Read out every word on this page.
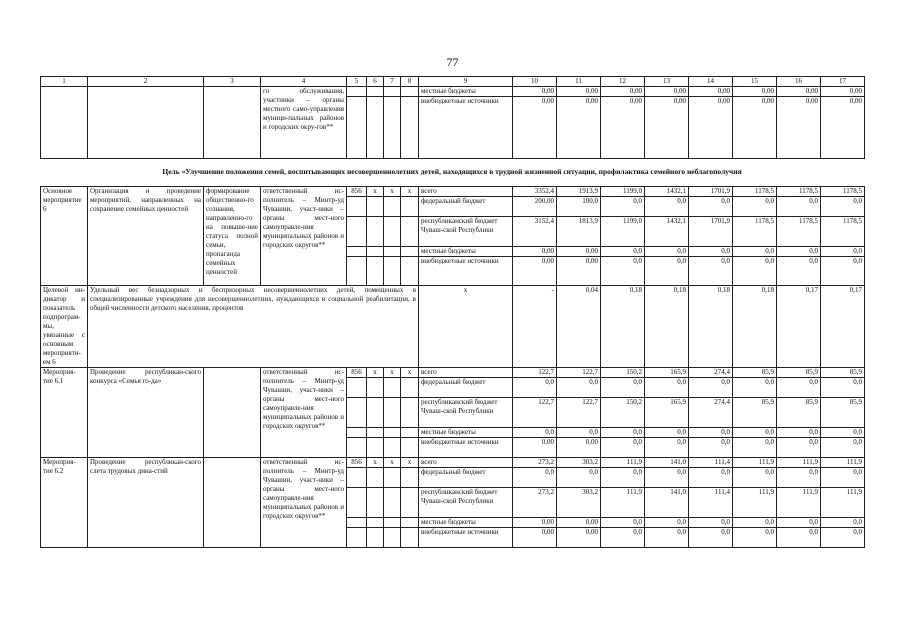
77
1	2	3	4	5	6	7	8	9	10	11	12	13	14	15	16	17
			го обслуживания, участники – органы местного само-управления муници-пальных районов и городских окру-гов**					местные бюджеты	0,00	0,00	0,00	0,00	0,00	0,00	0,00	0,00
								внебюджетные источники	0,00	0,00	0,00	0,00	0,00	0,00	0,00	0,00
Цель «Улучшение положения семей, воспитывающих несовершеннолетних детей, находящихся в трудной жизненной ситуации, профилактика семейного неблагополучия
Основное мероприятие 6	Организация и проведение мероприятий, направленных на сохранение семейных ценностей	формирование общественно-го сознания, направленно-го на повыше-ние статуса полной семьи, пропаганда семейных ценностей	ответственный ис-полнитель – Минтр-уд Чувашии, участ-ники – органы мест-ного самоуправле-ния муниципальных районов и городских округов**	856	x	x	x	всего	3352,4	1913,9	1199,0	1432,1	1701,9	1178,5	1178,5	1178,5
								федеральный бюджет	200,00	100,0	0,0	0,0	0,0	0,0	0,0	0,0
								республиканский бюджет Чуваш-ской Республики	3152,4	1813,9	1199,0	1432,1	1701,9	1178,5	1178,5	1178,5
								местные бюджеты	0,00	0,00	0,0	0,0	0,0	0,0	0,0	0,0
								внебюджетные источники	0,00	0,00	0,0	0,0	0,0	0,0	0,0	0,0
Целевой ин-дикатор и показатель подпрограм-мы, увязанные с основным мероприяти-ем 6	Удельный вес безнадзорных и беспризорных несовершеннолетних детей, помещенных в специализированные учреждения для несовершеннолетних, нуждающихся в социальной реабилитации, в общей численности детского населения, процентов							x	-	0,04	0,18	0,18	0,18	0,18	0,17	0,17
Мероприя-тие 6.1	Проведение республикан-ского конкурса «Семья го-да»		ответственный ис-полнитель – Минтр-уд Чувашии, участ-ники – органы мест-ного самоуправле-ния муниципальных районов и городских округов**	856	x	x	x	всего	122,7	122,7	150,2	165,9	274,4	85,9	85,9	85,9
								федеральный бюджет	0,0	0,0	0,0	0,0	0,0	0,0	0,0	0,0
								республиканский бюджет Чуваш-ской Республики	122,7	122,7	150,2	165,9	274,4	85,9	85,9	85,9
								местные бюджеты	0,0	0,0	0,0	0,0	0,0	0,0	0,0	0,0
								внебюджетные источники	0,00	0,00	0,0	0,0	0,0	0,0	0,0	0,0
Мероприя-тие 6.2	Проведение республикан-ского слета трудовых дина-стий		ответственный ис-полнитель – Минтр-уд Чувашии, участ-ники – органы мест-ного самоуправле-ния муниципальных районов и городских округов**	856	x	x	x	всего	273,2	303,2	111,9	141,0	111,4	111,9	111,9	111,9
								федеральный бюджет	0,0	0,0	0,0	0,0	0,0	0,0	0,0	0,0
								республиканский бюджет Чуваш-ской Республики	273,2	303,2	111,9	141,0	111,4	111,9	111,9	111,9
								местные бюджеты	0,00	0,00	0,0	0,0	0,0	0,0	0,0	0,0
								внебюджетные источники	0,00	0,00	0,0	0,0	0,0	0,0	0,0	0,0
